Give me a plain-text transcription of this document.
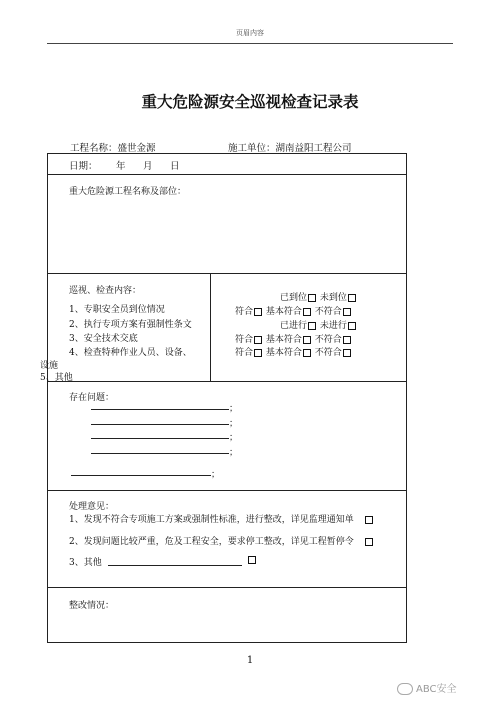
页眉内容
重大危险源安全巡视检查记录表
工程名称：盛世金源	施工单位：湖南益阳工程公司
日期： 年 月 日
重大危险源工程名称及部位：
巡视、检查内容：
1、专职安全员到位情况
2、执行专项方案有强制性条文
3、安全技术交底
4、检查特种作业人员、设备、
设施
5、其他
已到位 未到位
符合 基本符合 不符合
已进行 未进行
符合 基本符合 不符合
符合 基本符合 不符合
存在问题：
；
；
；
；
；
处理意见：
1、发现不符合专项施工方案或强制性标准，进行整改，详见监理通知单
2、发现问题比较严重，危及工程安全，要求停工整改，详见工程暂停令
3、其他
整改情况：
1
ABC安全
